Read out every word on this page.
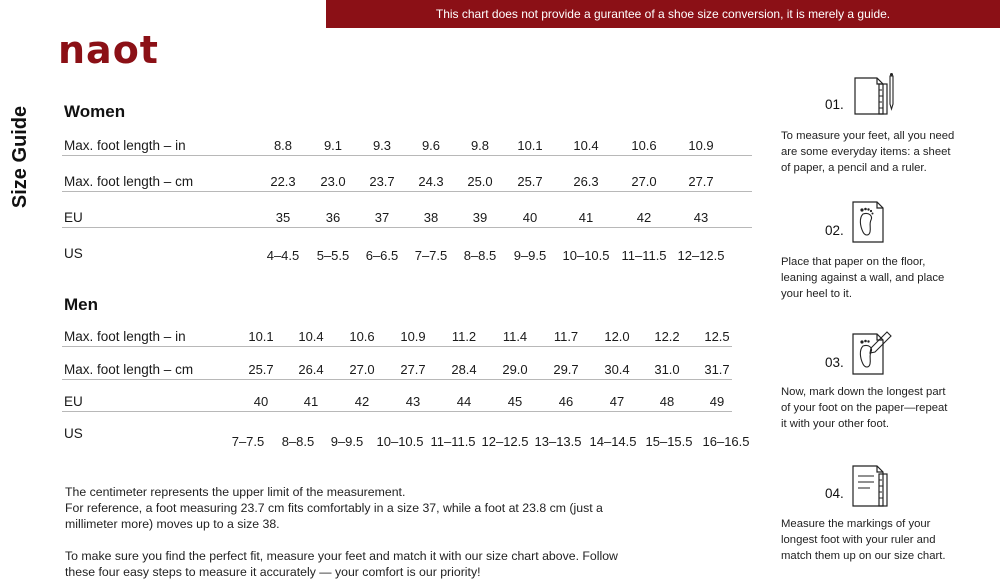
This chart does not provide a gurantee of a shoe size conversion, it is merely a guide.
naot
Size Guide Women
Max. foot length – in	8.8	9.1	9.3	9.6	9.8	10.1	10.4	10.6	10.9
Max. foot length – cm	22.3	23.0	23.7	24.3	25.0	25.7	26.3	27.0	27.7
EU	35	36	37	38	39	40	41	42	43
US	4–4.5	5–5.5	6–6.5	7–7.5	8–8.5	9–9.5	10–10.5 11–11.5 12–12.5
Men
Max. foot length – in	10.1	10.4	10.6	10.9	11.2	11.4	11.7	12.0	12.2	12.5
Max. foot length – cm	25.7	26.4	27.0	27.7	28.4	29.0	29.7	30.4	31.0	31.7
EU	40	41	42	43	44	45	46	47	48	49
US
7–7.5	8–8.5	9–9.5	10–10.5 11–11.5 12–12.5 13–13.5 14–14.5 15–15.5 16–16.5
The centimeter represents the upper limit of the measurement.
For reference, a foot measuring 23.7 cm fits comfortably in a size 37, while a foot at 23.8 cm (just a
millimeter more) moves up to a size 38.
To make sure you find the perfect fit, measure your feet and match it with our size chart above. Follow
these four easy steps to measure it accurately — your comfort is our priority!
01.
To measure your feet, all you need
are some everyday items: a sheet
of paper, a pencil and a ruler.
02.
Place that paper on the floor,
leaning against a wall, and place
your heel to it.
03.
Now, mark down the longest part
of your foot on the paper—repeat
it with your other foot.
04.
Measure the markings of your
longest foot with your ruler and
match them up on our size chart.
